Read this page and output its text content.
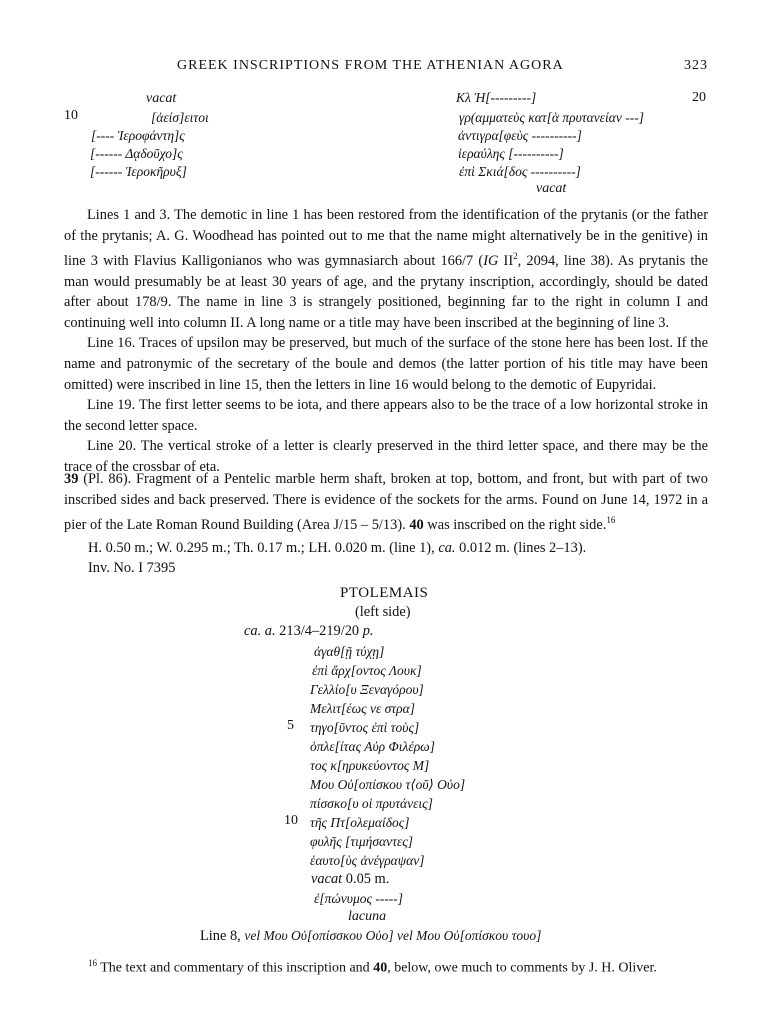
GREEK INSCRIPTIONS FROM THE ATHENIAN AGORA	323
vacat
10	[ἀείσ]ειτοι
[---- Ἱεροφάντη]ς
[------ Δᾳδοῦχο]ς
[------ Ἱεροκῆρυξ]
Κλ Ἡ[---------]	20
γρ(αμματεὺς κατ[ὰ πρυτανείαν ---]
ἀντιγρα[φεὺς ----------]
ἱεραύλης [----------]
ἐπὶ Σκιά[δος ----------]
vacat

Lines 1 and 3. The demotic in line 1 has been restored from the identification of the prytanis (or the father of the prytanis; A. G. Woodhead has pointed out to me that the name might alternatively be in the genitive) in line 3 with Flavius Kalligonianos who was gymnasiarch about 166/7 (IG $II^2$, 2094, line 38). As prytanis the man would presumably be at least 30 years of age, and the prytany inscription, accordingly, should be dated after about 178/9. The name in line 3 is strangely positioned, beginning far to the right in column I and continuing well into column II. A long name or a title may have been inscribed at the beginning of line 3.

Line 16. Traces of upsilon may be preserved, but much of the surface of the stone here has been lost. If the name and patronymic of the secretary of the boule and demos (the latter portion of his title may have been omitted) were inscribed in line 15, then the letters in line 16 would belong to the demotic of Eupyridai.

Line 19. The first letter seems to be iota, and there appears also to be the trace of a low horizontal stroke in the second letter space.

Line 20. The vertical stroke of a letter is clearly preserved in the third letter space, and there may be the trace of the crossbar of eta.

39 (Pl. 86). Fragment of a Pentelic marble herm shaft, broken at top, bottom, and front, but with part of two inscribed sides and back preserved. There is evidence of the sockets for the arms. Found on June 14, 1972 in a pier of the Late Roman Round Building (Area J/15 – 5/13). 40 was inscribed on the right side.$^{16}$

H. 0.50 m.; W. 0.295 m.; Th. 0.17 m.; LH. 0.020 m. (line 1), ca. 0.012 m. (lines 2–13).
Inv. No. I 7395
PTOLEMAIS
(left side)
ca. a. 213/4–219/20 p.
ἀγαθ[ῇ τύχῃ]
ἐπὶ ἄρχ[οντος Λουκ]
Γελλίο[υ Ξεναγόρου]
Μελιτ[έως νε στρα]
5 τηγο[ῦντος ἐπὶ τοὺς]
ὁπλε[ίτας Αὐρ Φιλέρω]
τος κ[ηρυκεύοντος Μ]
Μου Οὐ[οπίσκου τ⟨οῦ⟩ Οὐο]
πίσσκο[υ οἱ πρυτάνεις]
10 τῆς Πτ[ολεμαίδος]
φυλῆς [τιμήσαντες]
ἑαυτο[ὺς ἀνέγραψαν]
vacat 0.05 m.
ἐ[πώνυμος -----]
lacuna
Line 8, vel Μου Οὐ[οπίσσκου Οὐο] vel Μου Οὐ[οπίσκου τουο]
$^{16}$ The text and commentary of this inscription and 40, below, owe much to comments by J. H. Oliver.
